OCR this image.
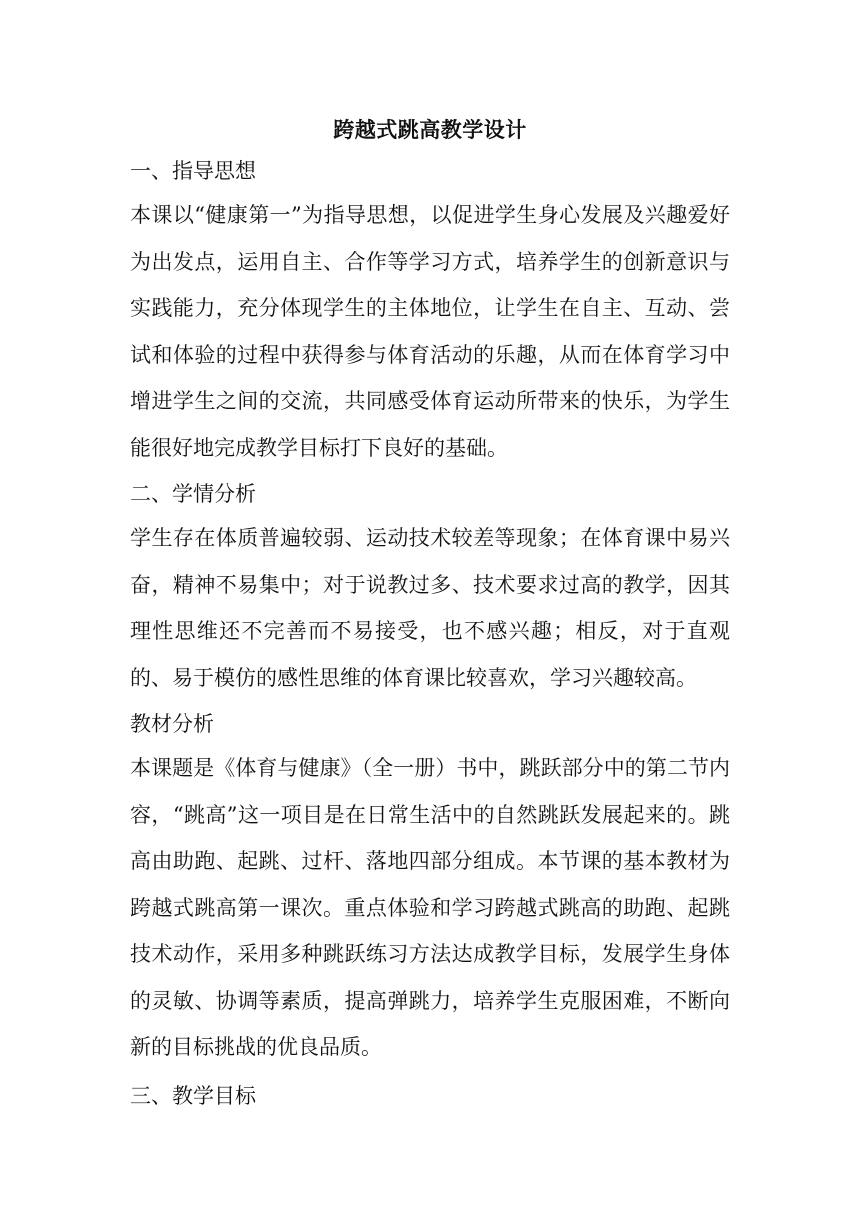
跨越式跳高教学设计
一、指导思想

本课以“健康第一”为指导思想，以促进学生身心发展及兴趣爱好为出发点，运用自主、合作等学习方式，培养学生的创新意识与实践能力，充分体现学生的主体地位，让学生在自主、互动、尝试和体验的过程中获得参与体育活动的乐趣，从而在体育学习中增进学生之间的交流，共同感受体育运动所带来的快乐，为学生能很好地完成教学目标打下良好的基础。

二、学情分析

学生存在体质普遍较弱、运动技术较差等现象；在体育课中易兴奋，精神不易集中；对于说教过多、技术要求过高的教学，因其理性思维还不完善而不易接受，也不感兴趣；相反，对于直观的、易于模仿的感性思维的体育课比较喜欢，学习兴趣较高。

教材分析

本课题是《体育与健康》（全一册）书中，跳跃部分中的第二节内容，“跳高”这一项目是在日常生活中的自然跳跃发展起来的。跳高由助跑、起跳、过杆、落地四部分组成。本节课的基本教材为跨越式跳高第一课次。重点体验和学习跨越式跳高的助跑、起跳技术动作，采用多种跳跃练习方法达成教学目标，发展学生身体的灵敏、协调等素质，提高弹跳力，培养学生克服困难，不断向新的目标挑战的优良品质。

三、教学目标
